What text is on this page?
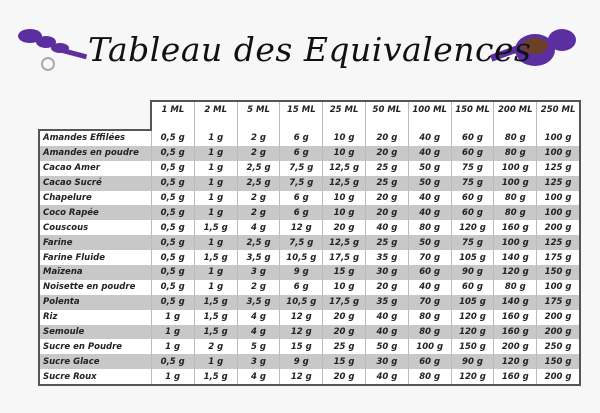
Tableau des Equivalences
	1 ML	2 ML	5 ML	15 ML	25 ML	50 ML	100 ML	150 ML	200 ML	250 ML
Amandes Effilées	0,5 g	1 g	2 g	6 g	10 g	20 g	40 g	60 g	80 g	100 g
Amandes en poudre	0,5 g	1 g	2 g	6 g	10 g	20 g	40 g	60 g	80 g	100 g
Cacao Amer	0,5 g	1 g	2,5 g	7,5 g	12,5 g	25 g	50 g	75 g	100 g	125 g
Cacao Sucré	0,5 g	1 g	2,5 g	7,5 g	12,5 g	25 g	50 g	75 g	100 g	125 g
Chapelure	0,5 g	1 g	2 g	6 g	10 g	20 g	40 g	60 g	80 g	100 g
Coco Rapée	0,5 g	1 g	2 g	6 g	10 g	20 g	40 g	60 g	80 g	100 g
Couscous	0,5 g	1,5 g	4 g	12 g	20 g	40 g	80 g	120 g	160 g	200 g
Farine	0,5 g	1 g	2,5 g	7,5 g	12,5 g	25 g	50 g	75 g	100 g	125 g
Farine Fluide	0,5 g	1,5 g	3,5 g	10,5 g	17,5 g	35 g	70 g	105 g	140 g	175 g
Maïzena	0,5 g	1 g	3 g	9 g	15 g	30 g	60 g	90 g	120 g	150 g
Noisette en poudre	0,5 g	1 g	2 g	6 g	10 g	20 g	40 g	60 g	80 g	100 g
Polenta	0,5 g	1,5 g	3,5 g	10,5 g	17,5 g	35 g	70 g	105 g	140 g	175 g
Riz	1 g	1,5 g	4 g	12 g	20 g	40 g	80 g	120 g	160 g	200 g
Semoule	1 g	1,5 g	4 g	12 g	20 g	40 g	80 g	120 g	160 g	200 g
Sucre en Poudre	1 g	2 g	5 g	15 g	25 g	50 g	100 g	150 g	200 g	250 g
Sucre Glace	0,5 g	1 g	3 g	9 g	15 g	30 g	60 g	90 g	120 g	150 g
Sucre Roux	1 g	1,5 g	4 g	12 g	20 g	40 g	80 g	120 g	160 g	200 g
